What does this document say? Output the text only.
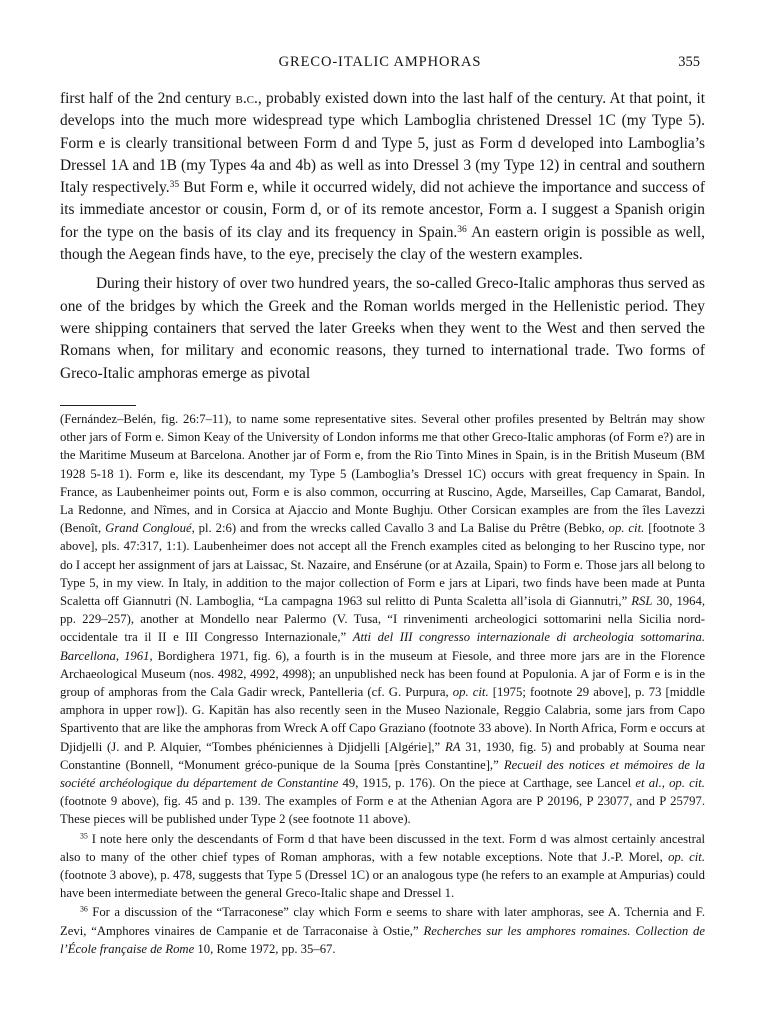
GRECO-ITALIC AMPHORAS	355

first half of the 2nd century b.c., probably existed down into the last half of the century. At that point, it develops into the much more widespread type which Lamboglia christened Dressel 1C (my Type 5). Form e is clearly transitional between Form d and Type 5, just as Form d developed into Lamboglia’s Dressel 1A and 1B (my Types 4a and 4b) as well as into Dressel 3 (my Type 12) in central and southern Italy respectively.$^{35}$ But Form e, while it occurred widely, did not achieve the importance and success of its immediate ancestor or cousin, Form d, or of its remote ancestor, Form a. I suggest a Spanish origin for the type on the basis of its clay and its frequency in Spain.$^{36}$ An eastern origin is possible as well, though the Aegean finds have, to the eye, precisely the clay of the western examples.

During their history of over two hundred years, the so-called Greco-Italic amphoras thus served as one of the bridges by which the Greek and the Roman worlds merged in the Hellenistic period. They were shipping containers that served the later Greeks when they went to the West and then served the Romans when, for military and economic reasons, they turned to international trade. Two forms of Greco-Italic amphoras emerge as pivotal

(Fernández–Belén, fig. 26:7–11), to name some representative sites. Several other profiles presented by Beltrán may show other jars of Form e. Simon Keay of the University of London informs me that other Greco-Italic amphoras (of Form e?) are in the Maritime Museum at Barcelona. Another jar of Form e, from the Rio Tinto Mines in Spain, is in the British Museum (BM 1928 5-18 1). Form e, like its descendant, my Type 5 (Lamboglia’s Dressel 1C) occurs with great frequency in Spain. In France, as Laubenheimer points out, Form e is also common, occurring at Ruscino, Agde, Marseilles, Cap Camarat, Bandol, La Redonne, and Nîmes, and in Corsica at Ajaccio and Monte Bughju. Other Corsican examples are from the îles Lavezzi (Benoît, Grand Congloué, pl. 2:6) and from the wrecks called Cavallo 3 and La Balise du Prêtre (Bebko, op. cit. [footnote 3 above], pls. 47:317, 1:1). Laubenheimer does not accept all the French examples cited as belonging to her Ruscino type, nor do I accept her assignment of jars at Laissac, St. Nazaire, and Ensérune (or at Azaila, Spain) to Form e. Those jars all belong to Type 5, in my view. In Italy, in addition to the major collection of Form e jars at Lipari, two finds have been made at Punta Scaletta off Giannutri (N. Lamboglia, “La campagna 1963 sul relitto di Punta Scaletta all’isola di Giannutri,” RSL 30, 1964, pp. 229–257), another at Mondello near Palermo (V. Tusa, “I rinvenimenti archeologici sottomarini nella Sicilia nord-occidentale tra il II e III Congresso Internazionale,” Atti del III congresso internazionale di archeologia sottomarina. Barcellona, 1961, Bordighera 1971, fig. 6), a fourth is in the museum at Fiesole, and three more jars are in the Florence Archaeological Museum (nos. 4982, 4992, 4998); an unpublished neck has been found at Populonia. A jar of Form e is in the group of amphoras from the Cala Gadir wreck, Pantelleria (cf. G. Purpura, op. cit. [1975; footnote 29 above], p. 73 [middle amphora in upper row]). G. Kapitän has also recently seen in the Museo Nazionale, Reggio Calabria, some jars from Capo Spartivento that are like the amphoras from Wreck A off Capo Graziano (footnote 33 above). In North Africa, Form e occurs at Djidjelli (J. and P. Alquier, “Tombes phéniciennes à Djidjelli [Algérie],” RA 31, 1930, fig. 5) and probably at Souma near Constantine (Bonnell, “Monument gréco-punique de la Souma [près Constantine],” Recueil des notices et mémoires de la société archéologique du département de Constantine 49, 1915, p. 176). On the piece at Carthage, see Lancel et al., op. cit. (footnote 9 above), fig. 45 and p. 139. The examples of Form e at the Athenian Agora are P 20196, P 23077, and P 25797. These pieces will be published under Type 2 (see footnote 11 above).

$^{35}$ I note here only the descendants of Form d that have been discussed in the text. Form d was almost certainly ancestral also to many of the other chief types of Roman amphoras, with a few notable exceptions. Note that J.-P. Morel, op. cit. (footnote 3 above), p. 478, suggests that Type 5 (Dressel 1C) or an analogous type (he refers to an example at Ampurias) could have been intermediate between the general Greco-Italic shape and Dressel 1.

$^{36}$ For a discussion of the “Tarraconese” clay which Form e seems to share with later amphoras, see A. Tchernia and F. Zevi, “Amphores vinaires de Campanie et de Tarraconaise à Ostie,” Recherches sur les amphores romaines. Collection de l’École française de Rome 10, Rome 1972, pp. 35–67.
